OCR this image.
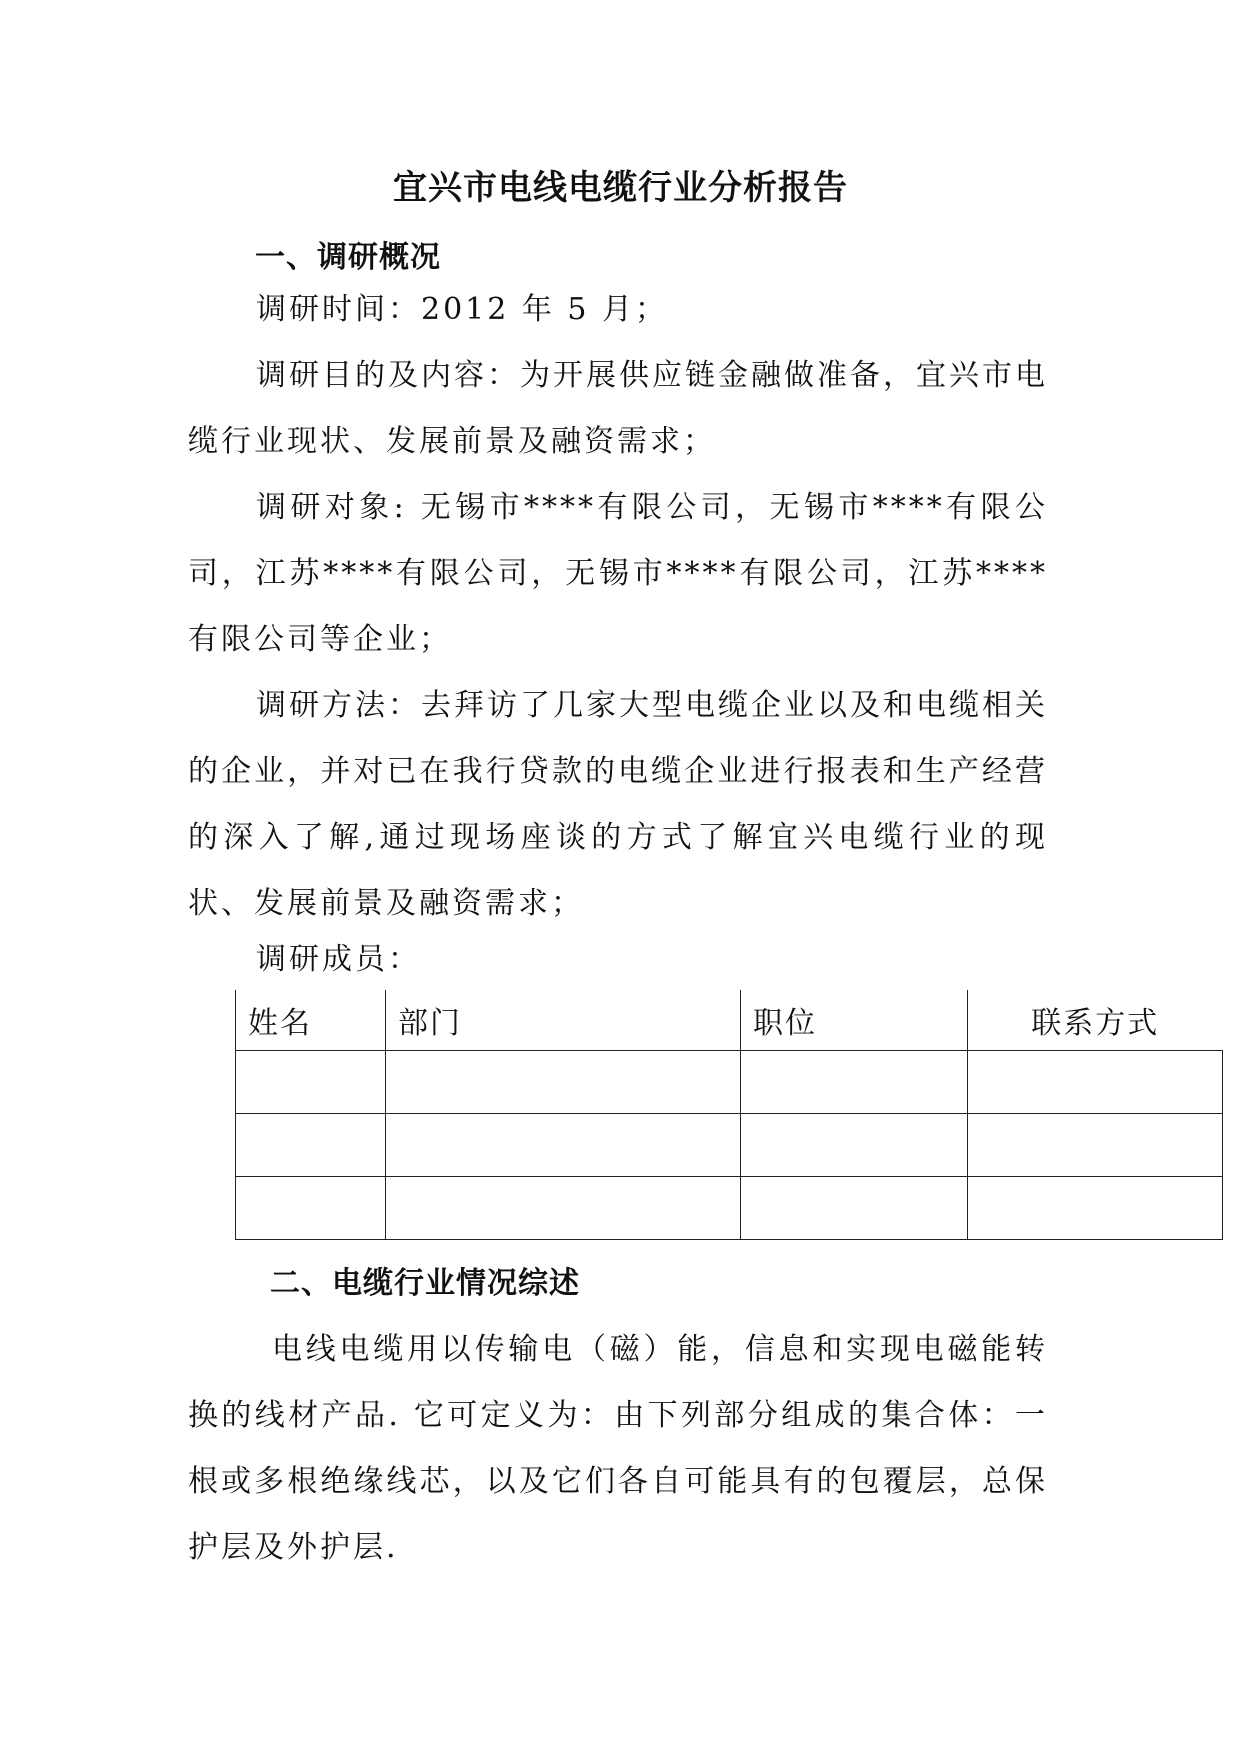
宜兴市电线电缆行业分析报告
一、调研概况
调研时间：2012 年 5 月；
调研目的及内容：为开展供应链金融做准备，宜兴市电缆行业现状、发展前景及融资需求；
调研对象: 无锡市****有限公司，无锡市****有限公司，江苏****有限公司，无锡市****有限公司，江苏****有限公司等企业；
调研方法：去拜访了几家大型电缆企业以及和电缆相关的企业，并对已在我行贷款的电缆企业进行报表和生产经营的深入了解,通过现场座谈的方式了解宜兴电缆行业的现状、发展前景及融资需求；
调研成员：
姓名	部门	职位	联系方式

二、电缆行业情况综述
电线电缆用以传输电（磁）能，信息和实现电磁能转换的线材产品. 它可定义为：由下列部分组成的集合体：一根或多根绝缘线芯，以及它们各自可能具有的包覆层，总保护层及外护层.
